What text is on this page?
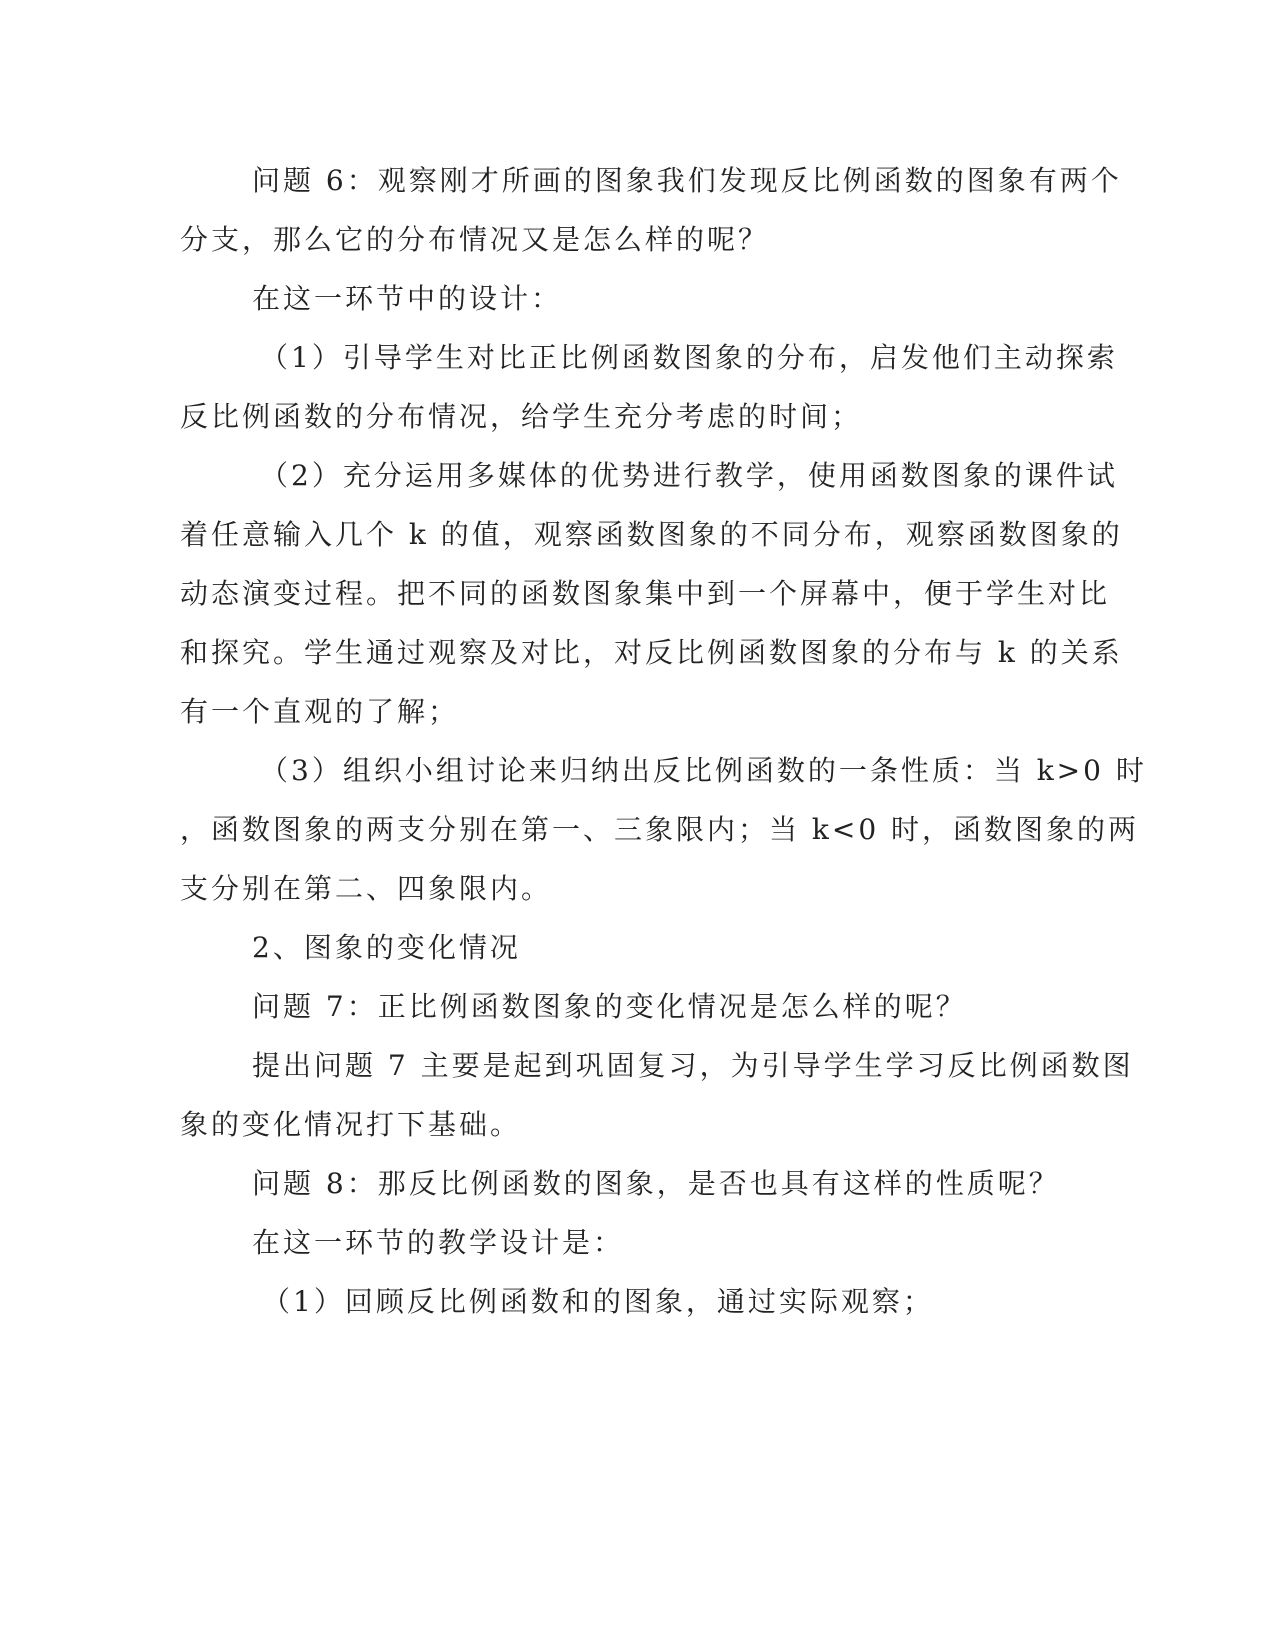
问题 6：观察刚才所画的图象我们发现反比例函数的图象有两个
分支，那么它的分布情况又是怎么样的呢？
在这一环节中的设计：
（1）引导学生对比正比例函数图象的分布，启发他们主动探索
反比例函数的分布情况，给学生充分考虑的时间；
（2）充分运用多媒体的优势进行教学，使用函数图象的课件试
着任意输入几个 k 的值，观察函数图象的不同分布，观察函数图象的
动态演变过程。把不同的函数图象集中到一个屏幕中，便于学生对比
和探究。学生通过观察及对比，对反比例函数图象的分布与 k 的关系
有一个直观的了解；
（3）组织小组讨论来归纳出反比例函数的一条性质：当 k>0 时
，函数图象的两支分别在第一、三象限内；当 k<0 时，函数图象的两
支分别在第二、四象限内。
2、图象的变化情况
问题 7：正比例函数图象的变化情况是怎么样的呢？
提出问题 7 主要是起到巩固复习，为引导学生学习反比例函数图
象的变化情况打下基础。
问题 8：那反比例函数的图象，是否也具有这样的性质呢？
在这一环节的教学设计是：
（1）回顾反比例函数和的图象，通过实际观察；
